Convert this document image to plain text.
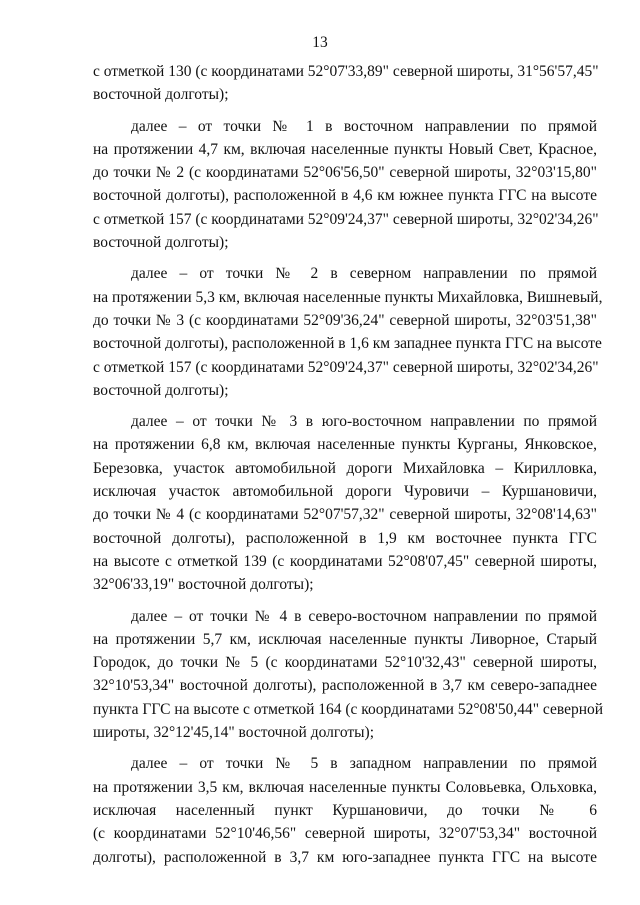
13
с отметкой 130 (с координатами 52°07'33,89" северной широты, 31°56'57,45"
восточной долготы);
далее – от точки № 1 в восточном направлении по прямой
на протяжении 4,7 км, включая населенные пункты Новый Свет, Красное,
до точки № 2 (с координатами 52°06'56,50" северной широты, 32°03'15,80"
восточной долготы), расположенной в 4,6 км южнее пункта ГГС на высоте
с отметкой 157 (с координатами 52°09'24,37" северной широты, 32°02'34,26"
восточной долготы);
далее – от точки № 2 в северном направлении по прямой
на протяжении 5,3 км, включая населенные пункты Михайловка, Вишневый,
до точки № 3 (с координатами 52°09'36,24" северной широты, 32°03'51,38"
восточной долготы), расположенной в 1,6 км западнее пункта ГГС на высоте
с отметкой 157 (с координатами 52°09'24,37" северной широты, 32°02'34,26"
восточной долготы);
далее – от точки № 3 в юго-восточном направлении по прямой
на протяжении 6,8 км, включая населенные пункты Курганы, Янковское,
Березовка, участок автомобильной дороги Михайловка – Кирилловка,
исключая участок автомобильной дороги Чуровичи – Куршановичи,
до точки № 4 (с координатами 52°07'57,32" северной широты, 32°08'14,63"
восточной долготы), расположенной в 1,9 км восточнее пункта ГГС
на высоте с отметкой 139 (с координатами 52°08'07,45" северной широты,
32°06'33,19" восточной долготы);
далее – от точки № 4 в северо-восточном направлении по прямой
на протяжении 5,7 км, исключая населенные пункты Ливорное, Старый
Городок, до точки № 5 (с координатами 52°10'32,43" северной широты,
32°10'53,34" восточной долготы), расположенной в 3,7 км северо-западнее
пункта ГГС на высоте с отметкой 164 (с координатами 52°08'50,44" северной
широты, 32°12'45,14" восточной долготы);
далее – от точки № 5 в западном направлении по прямой
на протяжении 3,5 км, включая населенные пункты Соловьевка, Ольховка,
исключая населенный пункт Куршановичи, до точки № 6
(с координатами 52°10'46,56" северной широты, 32°07'53,34" восточной
долготы), расположенной в 3,7 км юго-западнее пункта ГГС на высоте
